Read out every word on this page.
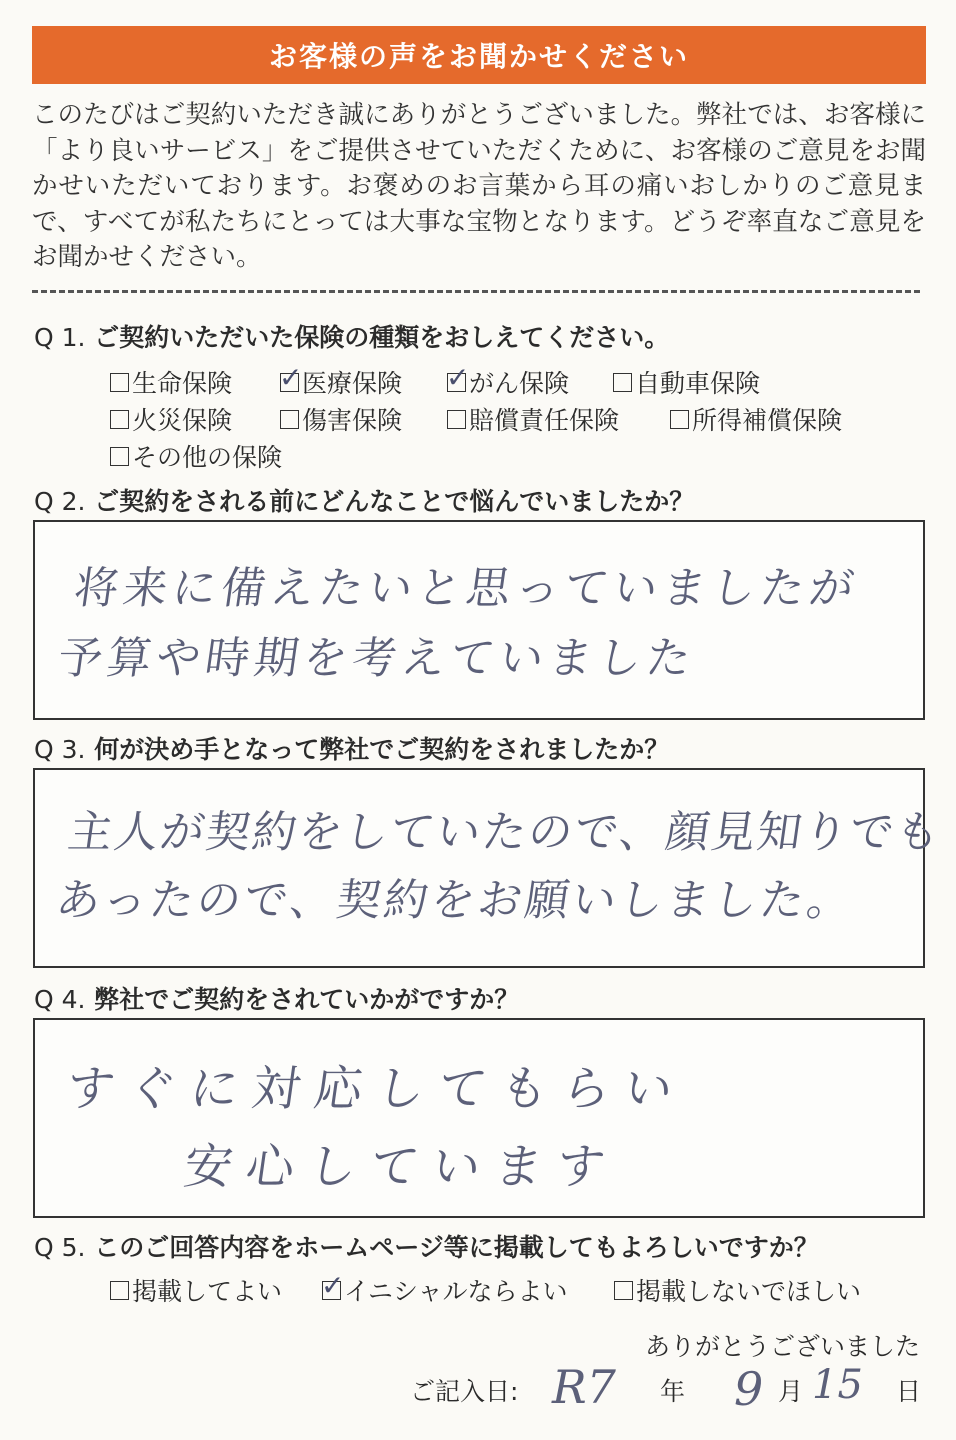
お客様の声をお聞かせください
このたびはご契約いただき誠にありがとうございました。弊社では、お客様に「より良いサービス」をご提供させていただくために、お客様のご意見をお聞かせいただいております。お褒めのお言葉から耳の痛いおしかりのご意見まで、すべてが私たちにとっては大事な宝物となります。どうぞ率直なご意見をお聞かせください。
Q 1. ご契約いただいた保険の種類をおしえてください。
生命保険 ✓ 医療保険 ✓ がん保険	自動車保険
火災保険	傷害保険	賠償責任保険	所得補償保険
その他の保険
Q 2. ご契約をされる前にどんなことで悩んでいましたか？
将来に備えたいと思っていましたが
予算や時期を考えていました
Q 3. 何が決め手となって弊社でご契約をされましたか？
主人が契約をしていたので、顔見知りでも
あったので、契約をお願いしました。
Q 4. 弊社でご契約をされていかがですか？
すぐに対応してもらい
安心しています
Q 5. このご回答内容をホームページ等に掲載してもよろしいですか？
掲載してよい ✓ イニシャルならよい	掲載しないでほしい
ありがとうございました
ご記入日: R7 年 9 月 15 日
